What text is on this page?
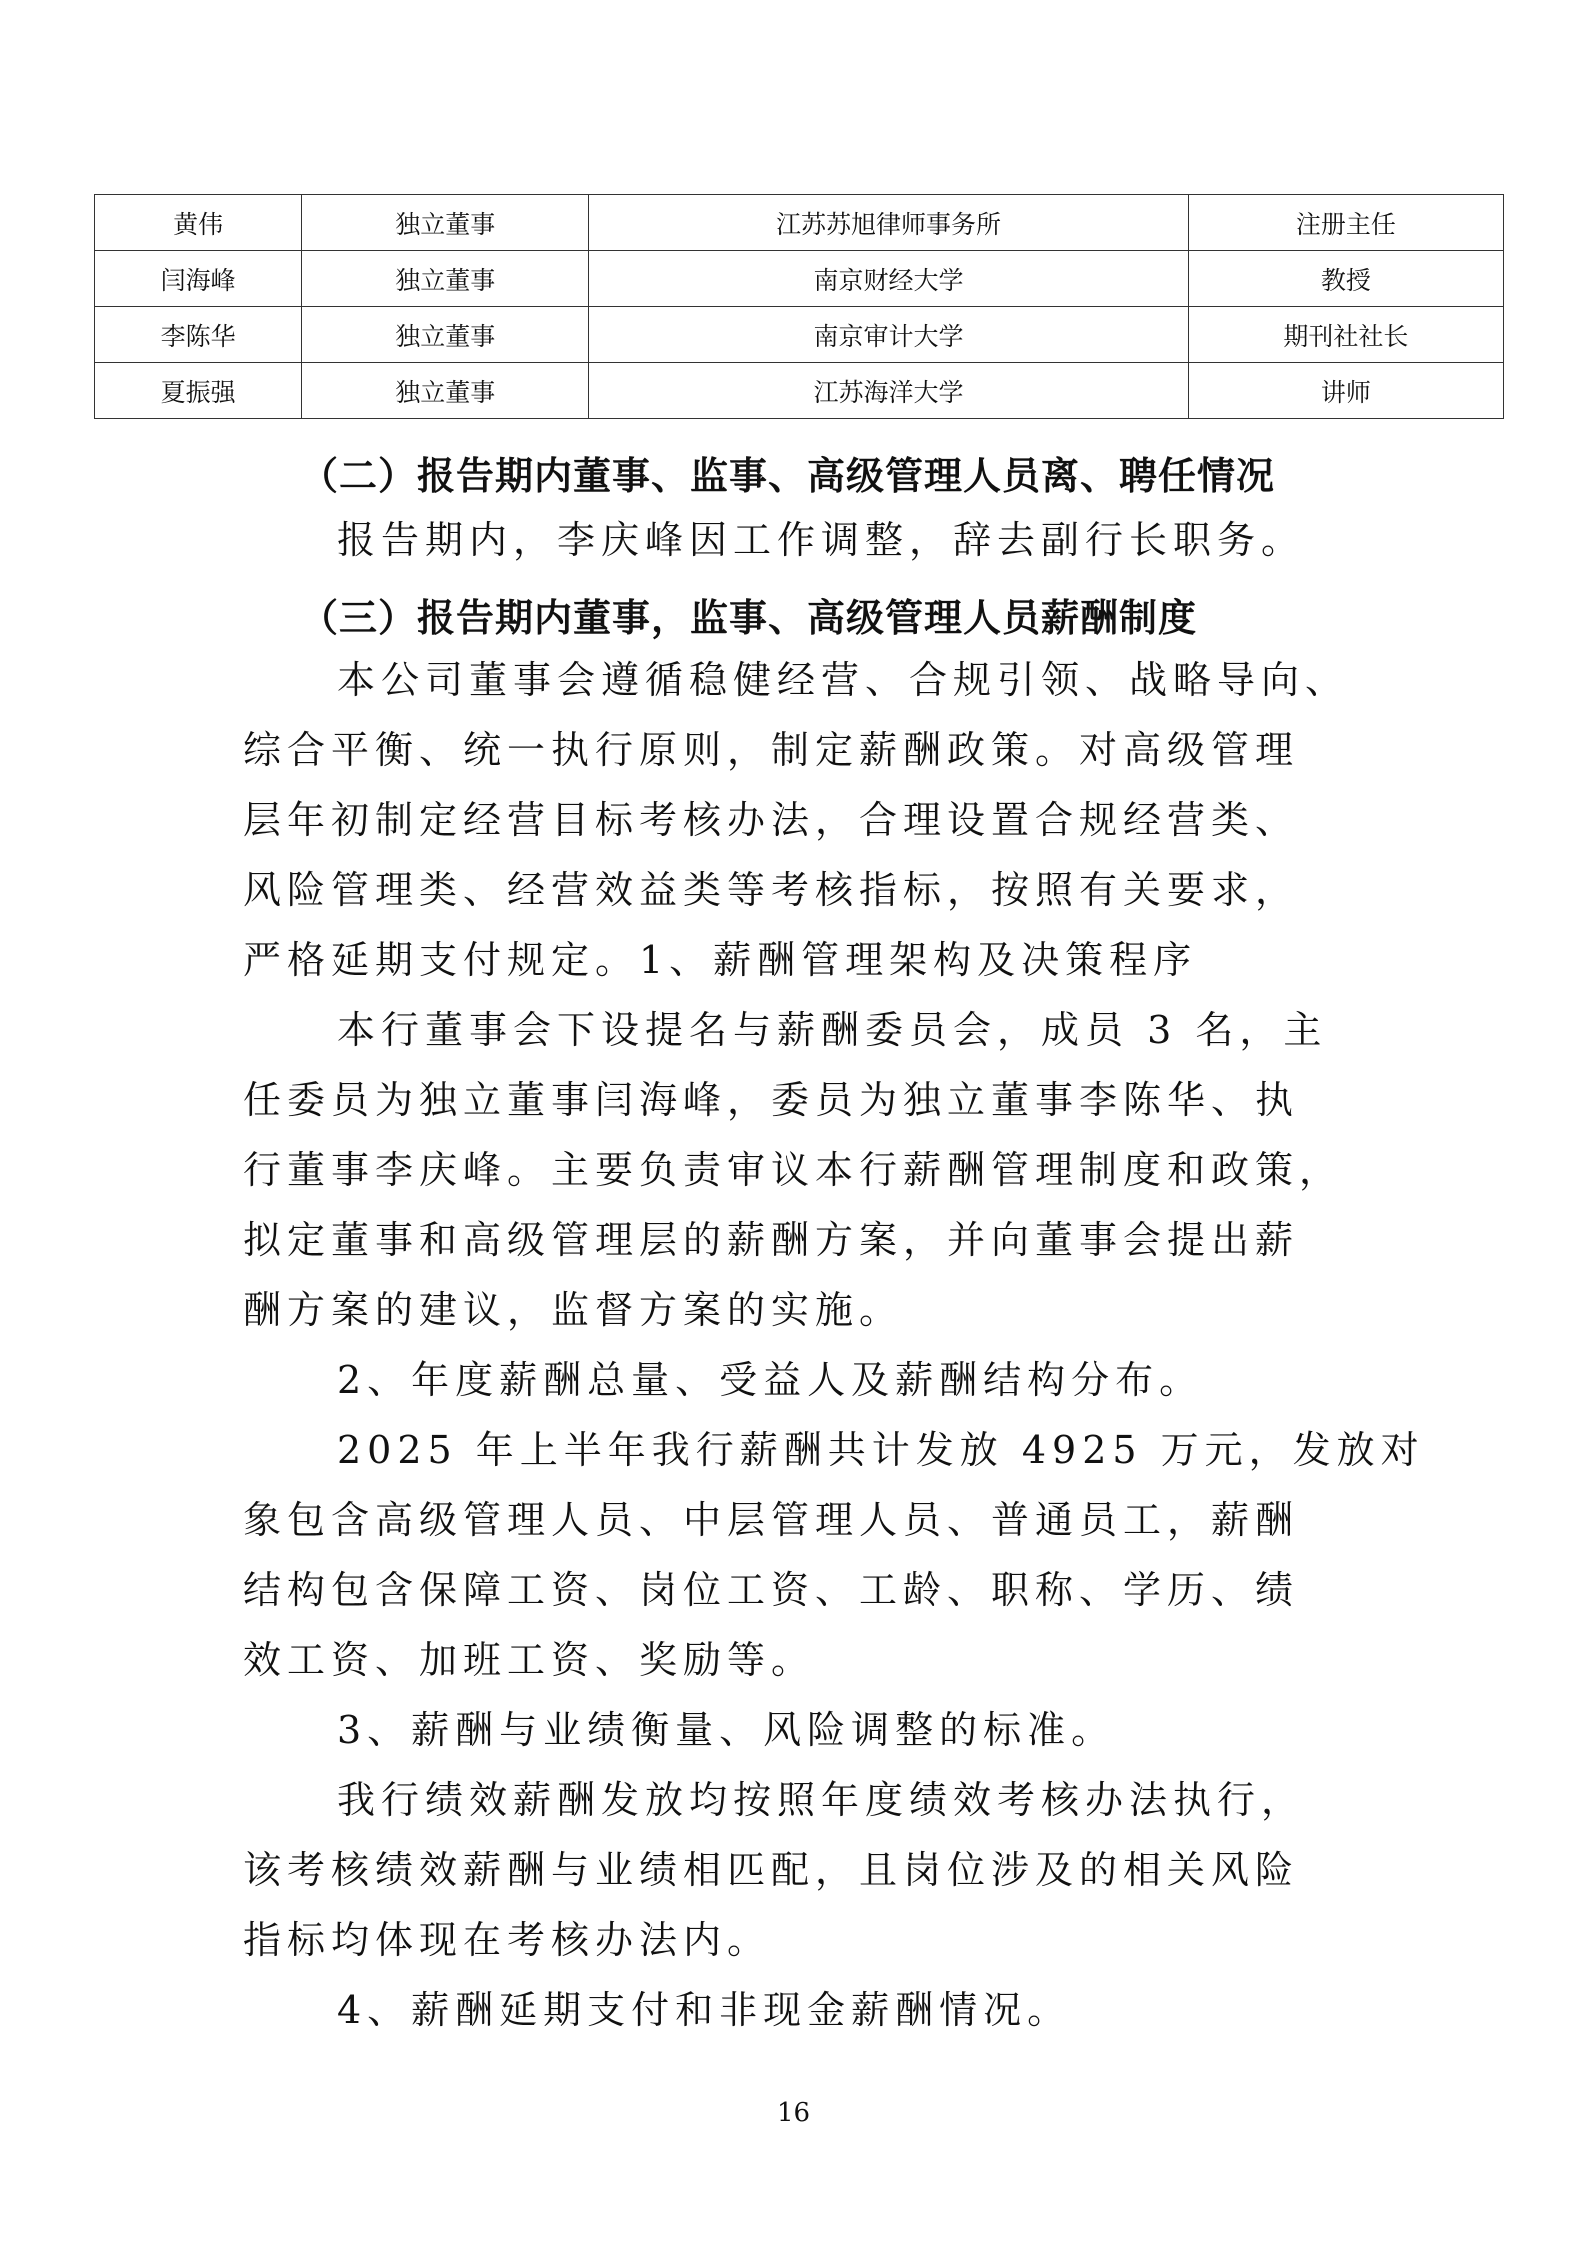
黄伟	独立董事	江苏苏旭律师事务所	注册主任
闫海峰	独立董事	南京财经大学	教授
李陈华	独立董事	南京审计大学	期刊社社长
夏振强	独立董事	江苏海洋大学	讲师
（二）报告期内董事、监事、高级管理人员离、聘任情况
报告期内，李庆峰因工作调整，辞去副行长职务。
（三）报告期内董事，监事、高级管理人员薪酬制度
本公司董事会遵循稳健经营、合规引领、战略导向、
综合平衡、统一执行原则，制定薪酬政策。对高级管理
层年初制定经营目标考核办法，合理设置合规经营类、
风险管理类、经营效益类等考核指标，按照有关要求，
严格延期支付规定。1、薪酬管理架构及决策程序
本行董事会下设提名与薪酬委员会，成员 3 名，主
任委员为独立董事闫海峰，委员为独立董事李陈华、执
行董事李庆峰。主要负责审议本行薪酬管理制度和政策，
拟定董事和高级管理层的薪酬方案，并向董事会提出薪
酬方案的建议，监督方案的实施。
2、年度薪酬总量、受益人及薪酬结构分布。
2025 年上半年我行薪酬共计发放 4925 万元，发放对
象包含高级管理人员、中层管理人员、普通员工，薪酬
结构包含保障工资、岗位工资、工龄、职称、学历、绩
效工资、加班工资、奖励等。
3、薪酬与业绩衡量、风险调整的标准。
我行绩效薪酬发放均按照年度绩效考核办法执行，
该考核绩效薪酬与业绩相匹配，且岗位涉及的相关风险
指标均体现在考核办法内。
4、薪酬延期支付和非现金薪酬情况。
16
